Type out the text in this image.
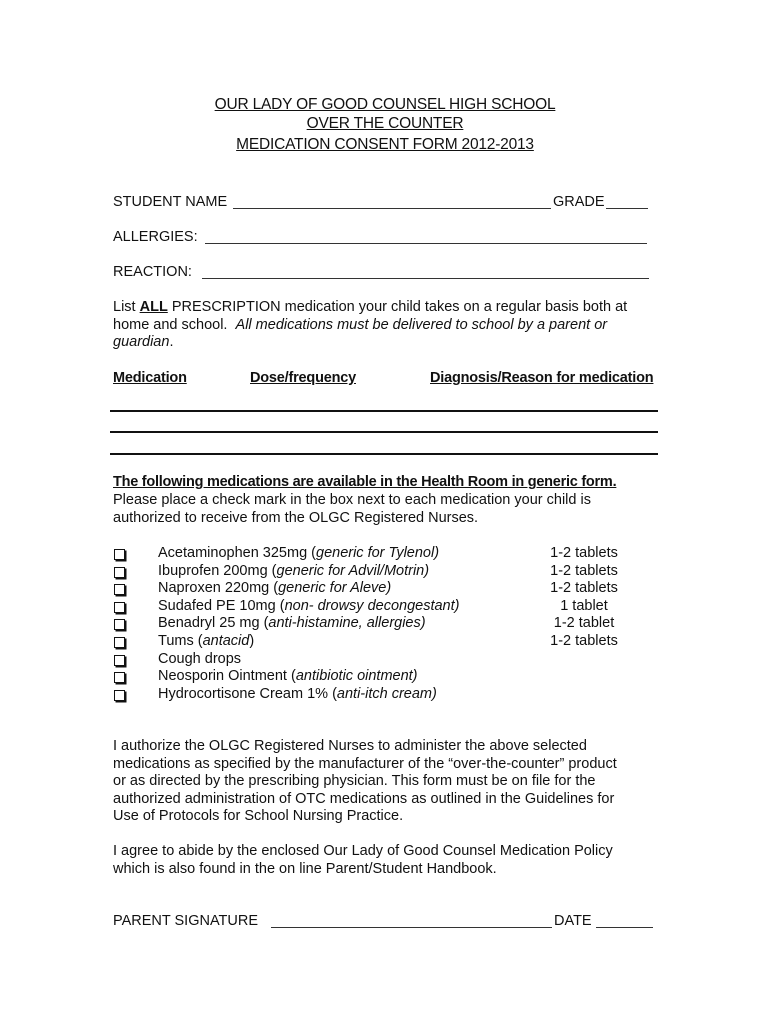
OUR LADY OF GOOD COUNSEL HIGH SCHOOL
OVER THE COUNTER
MEDICATION CONSENT FORM 2012-2013
STUDENT NAME	GRADE
ALLERGIES:
REACTION:
List ALL PRESCRIPTION medication your child takes on a regular basis both at
home and school. All medications must be delivered to school by a parent or
guardian.
Medication	Dose/frequency	Diagnosis/Reason for medication
The following medications are available in the Health Room in generic form.
Please place a check mark in the box next to each medication your child is
authorized to receive from the OLGC Registered Nurses.
Acetaminophen 325mg (generic for Tylenol)	1-2 tablets
Ibuprofen 200mg (generic for Advil/Motrin)	1-2 tablets
Naproxen 220mg (generic for Aleve)	1-2 tablets
Sudafed PE 10mg (non- drowsy decongestant)	1 tablet
Benadryl 25 mg (anti-histamine, allergies)	1-2 tablet
Tums (antacid)	1-2 tablets
Cough drops
Neosporin Ointment (antibiotic ointment)
Hydrocortisone Cream 1% (anti-itch cream)
I authorize the OLGC Registered Nurses to administer the above selected
medications as specified by the manufacturer of the “over-the-counter” product
or as directed by the prescribing physician. This form must be on file for the
authorized administration of OTC medications as outlined in the Guidelines for
Use of Protocols for School Nursing Practice.
I agree to abide by the enclosed Our Lady of Good Counsel Medication Policy
which is also found in the on line Parent/Student Handbook.
PARENT SIGNATURE	DATE
